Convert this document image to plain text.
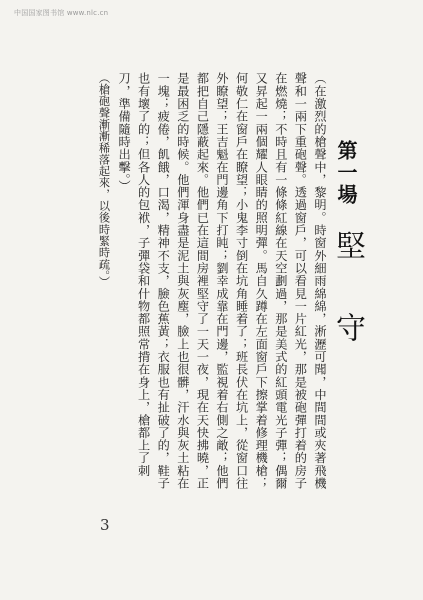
中国国家图书馆 www.nlc.cn

（在激烈的槍聲中，黎明。時窗外細雨綿綿，淅瀝可聞，中間間或夾著飛機聲和一兩下重砲聲。透過窗戶，可以看見一片紅光，那是被砲彈打着的房子在燃燒；不時且有一條條紅線在天空劃過，那是美式的紅頭電光子彈；偶爾又昇起一兩個耀人眼睛的照明彈。馬自久蹲在左面窗戶下擦掌着修理機槍；何敬仁在窗戶在瞭望；小鬼李寸倒在坑角睡着了；班長伏在坑上，從窗口往外瞭望；王吉魁在門邊角下打盹；劉幸成靠在門邊，監視着右側之敵；他們都把自己隱蔽起來。他們已在這間房裡堅守了一天一夜，現在天快拂曉，正是最困乏的時候。他們渾身盡是泥土與灰塵，臉上也很髒，汗水與灰土粘在一塊；疲倦，飢餓，口渴，精神不支，臉色蕉黃；衣服也有扯破了的，鞋子也有壞了的；但各人的包袱，子彈袋和什物都照常揹在身上，槍都上了刺刀，準備隨時出擊。）

（槍砲聲漸漸稀落起來，以後時緊時疏。）	第一場
堅守
3
